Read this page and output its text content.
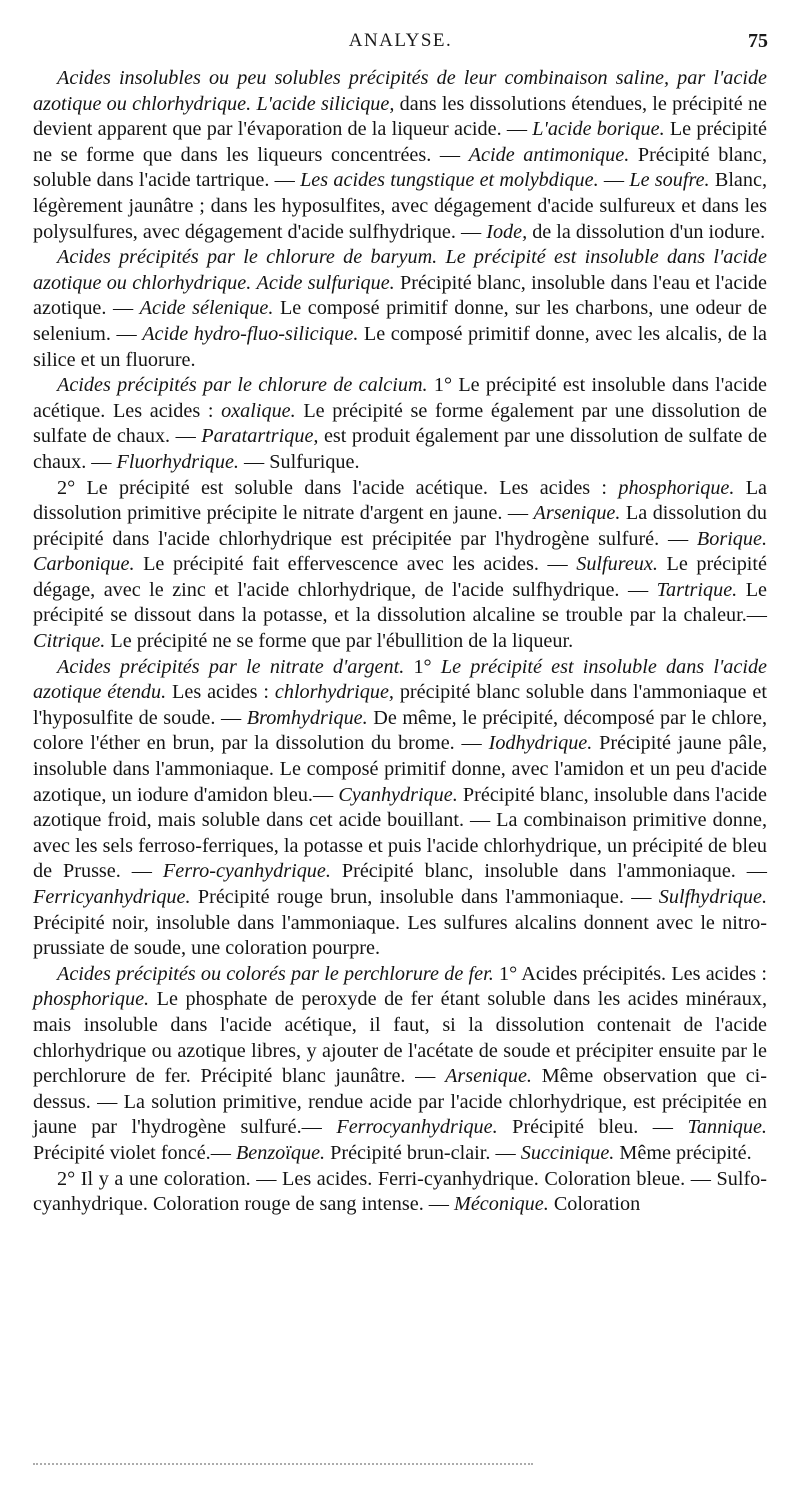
ANALYSE.	75

Acides insolubles ou peu solubles précipités de leur combinaison saline, par l'acide azotique ou chlorhydrique. L'acide silicique, dans les dissolutions étendues, le précipité ne devient apparent que par l'évaporation de la liqueur acide. — L'acide borique. Le précipité ne se forme que dans les liqueurs concentrées. — Acide antimonique. Précipité blanc, soluble dans l'acide tartrique. — Les acides tungstique et molybdique. — Le soufre. Blanc, légèrement jaunâtre ; dans les hyposulfites, avec dégagement d'acide sulfureux et dans les polysulfures, avec dégagement d'acide sulfhydrique. — Iode, de la dissolution d'un iodure.

Acides précipités par le chlorure de baryum. Le précipité est insoluble dans l'acide azotique ou chlorhydrique. Acide sulfurique. Précipité blanc, insoluble dans l'eau et l'acide azotique. — Acide sélenique. Le composé primitif donne, sur les charbons, une odeur de selenium. — Acide hydro-fluo-silicique. Le composé primitif donne, avec les alcalis, de la silice et un fluorure.

Acides précipités par le chlorure de calcium. 1° Le précipité est insoluble dans l'acide acétique. Les acides : oxalique. Le précipité se forme également par une dissolution de sulfate de chaux. — Paratartrique, est produit également par une dissolution de sulfate de chaux. — Fluorhydrique. — Sulfurique.

2° Le précipité est soluble dans l'acide acétique. Les acides : phosphorique. La dissolution primitive précipite le nitrate d'argent en jaune. — Arsenique. La dissolution du précipité dans l'acide chlorhydrique est précipitée par l'hydrogène sulfuré. — Borique. Carbonique. Le précipité fait effervescence avec les acides. — Sulfureux. Le précipité dégage, avec le zinc et l'acide chlorhydrique, de l'acide sulfhydrique. — Tartrique. Le précipité se dissout dans la potasse, et la dissolution alcaline se trouble par la chaleur.— Citrique. Le précipité ne se forme que par l'ébullition de la liqueur.

Acides précipités par le nitrate d'argent. 1° Le précipité est insoluble dans l'acide azotique étendu. Les acides : chlorhydrique, précipité blanc soluble dans l'ammoniaque et l'hyposulfite de soude. — Bromhydrique. De même, le précipité, décomposé par le chlore, colore l'éther en brun, par la dissolution du brome. — Iodhydrique. Précipité jaune pâle, insoluble dans l'ammoniaque. Le composé primitif donne, avec l'amidon et un peu d'acide azotique, un iodure d'amidon bleu.— Cyanhydrique. Précipité blanc, insoluble dans l'acide azotique froid, mais soluble dans cet acide bouillant. — La combinaison primitive donne, avec les sels ferroso-ferriques, la potasse et puis l'acide chlorhydrique, un précipité de bleu de Prusse. — Ferro-cyanhydrique. Précipité blanc, insoluble dans l'ammoniaque. — Ferricyanhydrique. Précipité rouge brun, insoluble dans l'ammoniaque. — Sulfhydrique. Précipité noir, insoluble dans l'ammoniaque. Les sulfures alcalins donnent avec le nitro-prussiate de soude, une coloration pourpre.

Acides précipités ou colorés par le perchlorure de fer. 1° Acides précipités. Les acides : phosphorique. Le phosphate de peroxyde de fer étant soluble dans les acides minéraux, mais insoluble dans l'acide acétique, il faut, si la dissolution contenait de l'acide chlorhydrique ou azotique libres, y ajouter de l'acétate de soude et précipiter ensuite par le perchlorure de fer. Précipité blanc jaunâtre. — Arsenique. Même observation que ci-dessus. — La solution primitive, rendue acide par l'acide chlorhydrique, est précipitée en jaune par l'hydrogène sulfuré.— Ferrocyanhydrique. Précipité bleu. — Tannique. Précipité violet foncé.— Benzoïque. Précipité brun-clair. — Succinique. Même précipité.

2° Il y a une coloration. — Les acides. Ferri-cyanhydrique. Coloration bleue. — Sulfo-cyanhydrique. Coloration rouge de sang intense. — Méconique. Coloration
